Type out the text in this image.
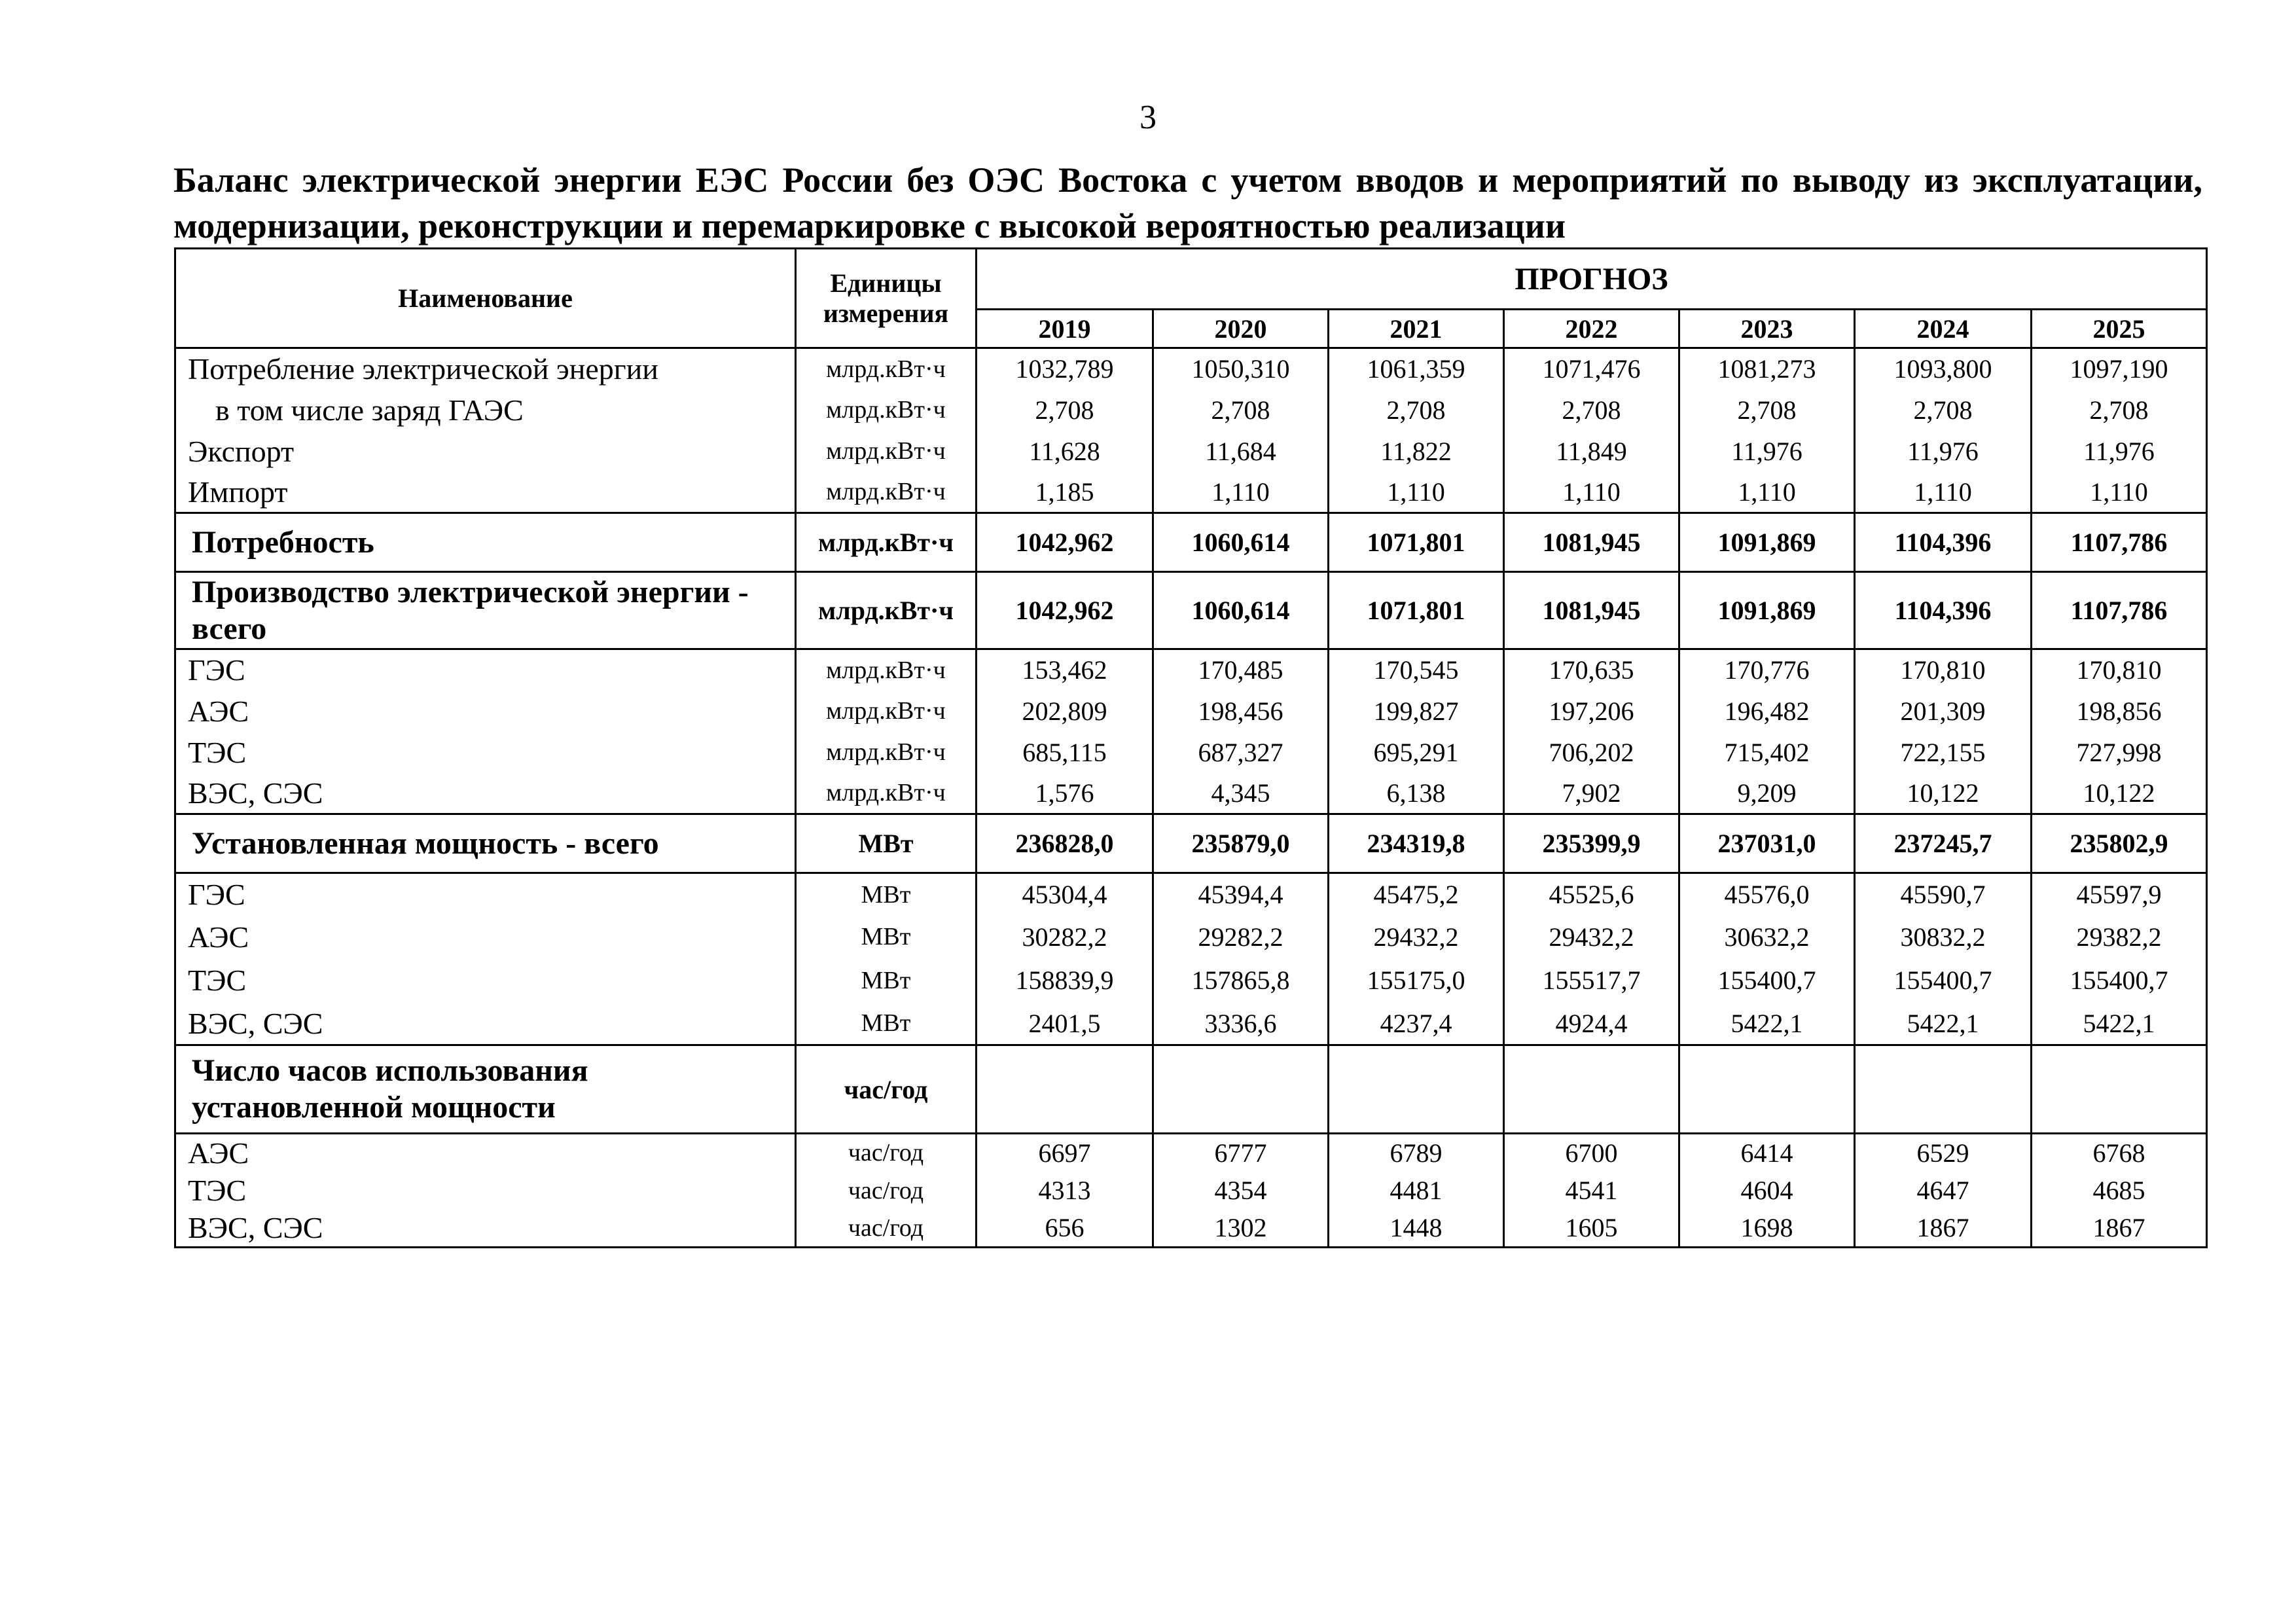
3
Баланс электрической энергии ЕЭС России без ОЭС Востока с учетом вводов и мероприятий по выводу из эксплуатации, модернизации, реконструкции и перемаркировке с высокой вероятностью реализации
Наименование	Единицы измерения	ПРОГНОЗ						
		2019	2020	2021	2022	2023	2024	2025
Потребление электрической энергии	млрд.кВт·ч	1032,789	1050,310	1061,359	1071,476	1081,273	1093,800	1097,190
в том числе заряд ГАЭС	млрд.кВт·ч	2,708	2,708	2,708	2,708	2,708	2,708	2,708
Экспорт	млрд.кВт·ч	11,628	11,684	11,822	11,849	11,976	11,976	11,976
Импорт	млрд.кВт·ч	1,185	1,110	1,110	1,110	1,110	1,110	1,110
Потребность	млрд.кВт·ч	1042,962	1060,614	1071,801	1081,945	1091,869	1104,396	1107,786
Производство электрической энергии - всего	млрд.кВт·ч	1042,962	1060,614	1071,801	1081,945	1091,869	1104,396	1107,786
ГЭС	млрд.кВт·ч	153,462	170,485	170,545	170,635	170,776	170,810	170,810
АЭС	млрд.кВт·ч	202,809	198,456	199,827	197,206	196,482	201,309	198,856
ТЭС	млрд.кВт·ч	685,115	687,327	695,291	706,202	715,402	722,155	727,998
ВЭС, СЭС	млрд.кВт·ч	1,576	4,345	6,138	7,902	9,209	10,122	10,122
Установленная мощность - всего	МВт	236828,0	235879,0	234319,8	235399,9	237031,0	237245,7	235802,9
ГЭС	МВт	45304,4	45394,4	45475,2	45525,6	45576,0	45590,7	45597,9
АЭС	МВт	30282,2	29282,2	29432,2	29432,2	30632,2	30832,2	29382,2
ТЭС	МВт	158839,9	157865,8	155175,0	155517,7	155400,7	155400,7	155400,7
ВЭС, СЭС	МВт	2401,5	3336,6	4237,4	4924,4	5422,1	5422,1	5422,1
Число часов использования установленной мощности	час/год							
АЭС	час/год	6697	6777	6789	6700	6414	6529	6768
ТЭС	час/год	4313	4354	4481	4541	4604	4647	4685
ВЭС, СЭС	час/год	656	1302	1448	1605	1698	1867	1867
